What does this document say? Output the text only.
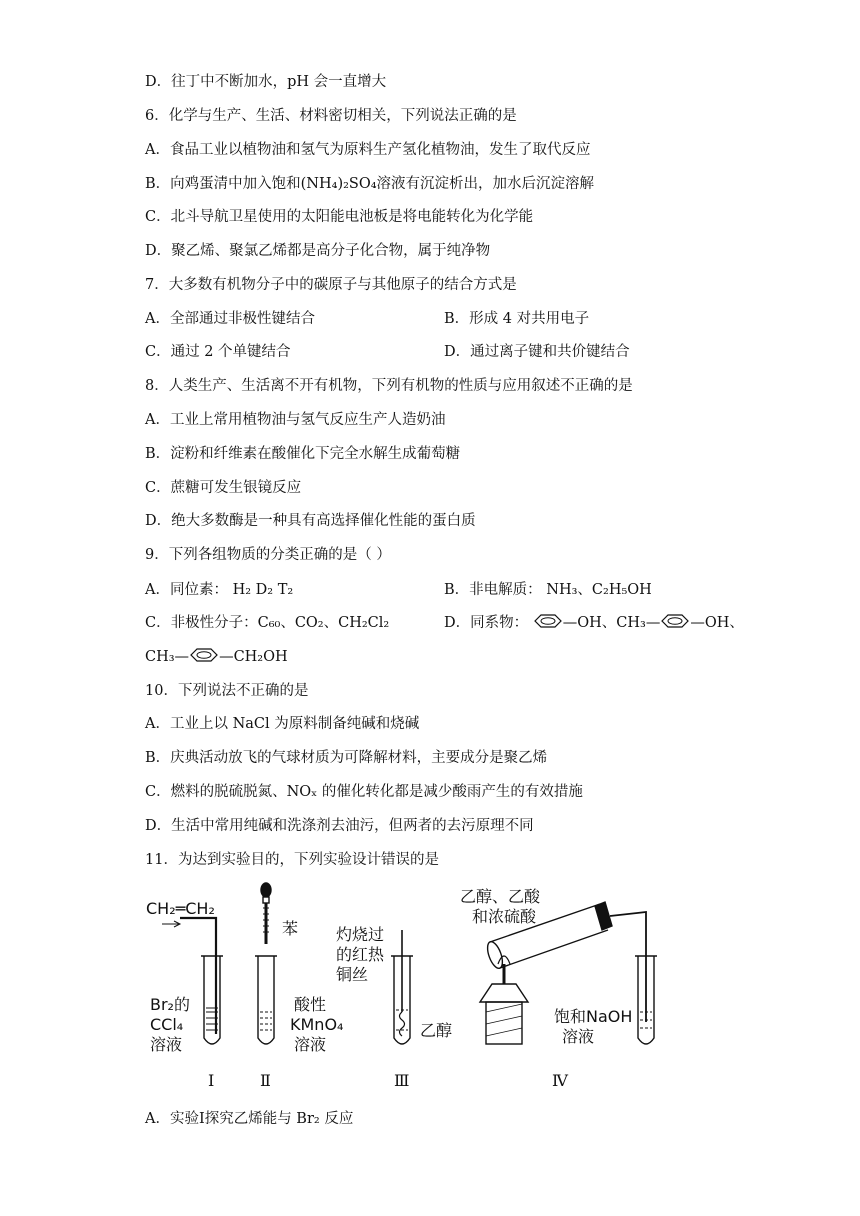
D．往丁中不断加水，pH 会一直增大
6．化学与生产、生活、材料密切相关，下列说法正确的是
A．食品工业以植物油和氢气为原料生产氢化植物油，发生了取代反应
B．向鸡蛋清中加入饱和(NH₄)₂SO₄溶液有沉淀析出，加水后沉淀溶解
C．北斗导航卫星使用的太阳能电池板是将电能转化为化学能
D．聚乙烯、聚氯乙烯都是高分子化合物，属于纯净物
7．大多数有机物分子中的碳原子与其他原子的结合方式是
A．全部通过非极性键结合	B．形成 4 对共用电子
C．通过 2 个单键结合	D．通过离子键和共价键结合
8．人类生产、生活离不开有机物，下列有机物的性质与应用叙述不正确的是
A．工业上常用植物油与氢气反应生产人造奶油
B．淀粉和纤维素在酸催化下完全水解生成葡萄糖
C．蔗糖可发生银镜反应
D．绝大多数酶是一种具有高选择催化性能的蛋白质
9．下列各组物质的分类正确的是（ ）
A．同位素： H₂ D₂ T₂	B．非电解质： NH₃、C₂H₅OH
C．非极性分子：C₆₀、CO₂、CH₂Cl₂	D．同系物： —OH、CH₃— —OH、
CH₃— —CH₂OH
10．下列说法不正确的是
A．工业上以 NaCl 为原料制备纯碱和烧碱
B．庆典活动放飞的气球材质为可降解材料，主要成分是聚乙烯
C．燃料的脱硫脱氮、NOₓ 的催化转化都是减少酸雨产生的有效措施
D．生活中常用纯碱和洗涤剂去油污，但两者的去污原理不同
11．为达到实验目的，下列实验设计错误的是
CH₂═CH₂
Br₂的
CCl₄
溶液
苯
酸性
KMnO₄
溶液
灼烧过
的红热
铜丝
乙醇
乙醇、乙酸
和浓硫酸
饱和NaOH
溶液
Ⅰ	Ⅱ	Ⅲ	Ⅳ
A．实验Ⅰ探究乙烯能与 Br₂ 反应
